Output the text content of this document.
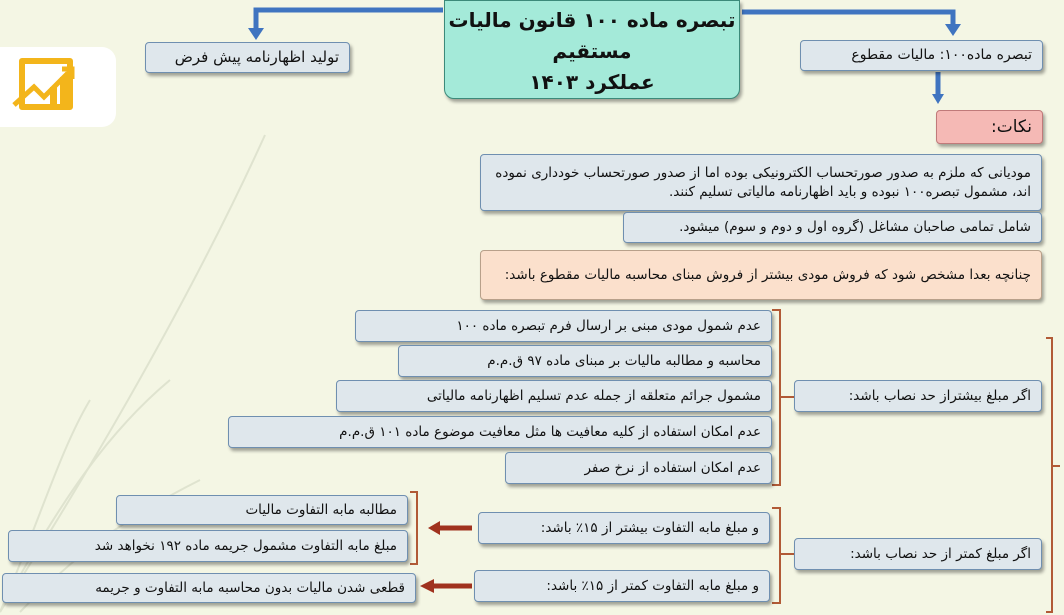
تبصره ماده ۱۰۰ قانون مالیات
مستقیم
عملکرد ۱۴۰۳
تولید اظهارنامه پیش فرض	تبصره ماده۱۰۰: مالیات مقطوع
نکات:
مودیانی که ملزم به صدور صورتحساب الکترونیکی بوده اما از صدور صورتحساب خودداری نموده اند، مشمول تبصره۱۰۰ نبوده و باید اظهارنامه مالیاتی تسلیم کنند.
شامل تمامی صاحبان مشاغل (گروه اول و دوم و سوم) میشود.
چنانچه بعدا مشخص شود که فروش مودی بیشتر از فروش مبنای محاسبه مالیات مقطوع باشد:
عدم شمول مودی مبنی بر ارسال فرم تبصره ماده ۱۰۰
محاسبه و مطالبه مالیات بر مبنای ماده ۹۷ ق.م.م
مشمول جرائم متعلقه از جمله عدم تسلیم اظهارنامه مالیاتی
عدم امکان استفاده از کلیه معافیت ها مثل معافیت موضوع ماده ۱۰۱ ق.م.م
عدم امکان استفاده از نرخ صفر
اگر مبلغ بیشتراز حد نصاب باشد:
اگر مبلغ کمتر از حد نصاب باشد:
و مبلغ مابه التفاوت بیشتر از ۱۵٪ باشد:
و مبلغ مابه التفاوت کمتر از ۱۵٪ باشد:
مطالبه مابه التفاوت مالیات
مبلغ مابه التفاوت مشمول جریمه ماده ۱۹۲ نخواهد شد
قطعی شدن مالیات بدون محاسبه مابه التفاوت و جریمه
